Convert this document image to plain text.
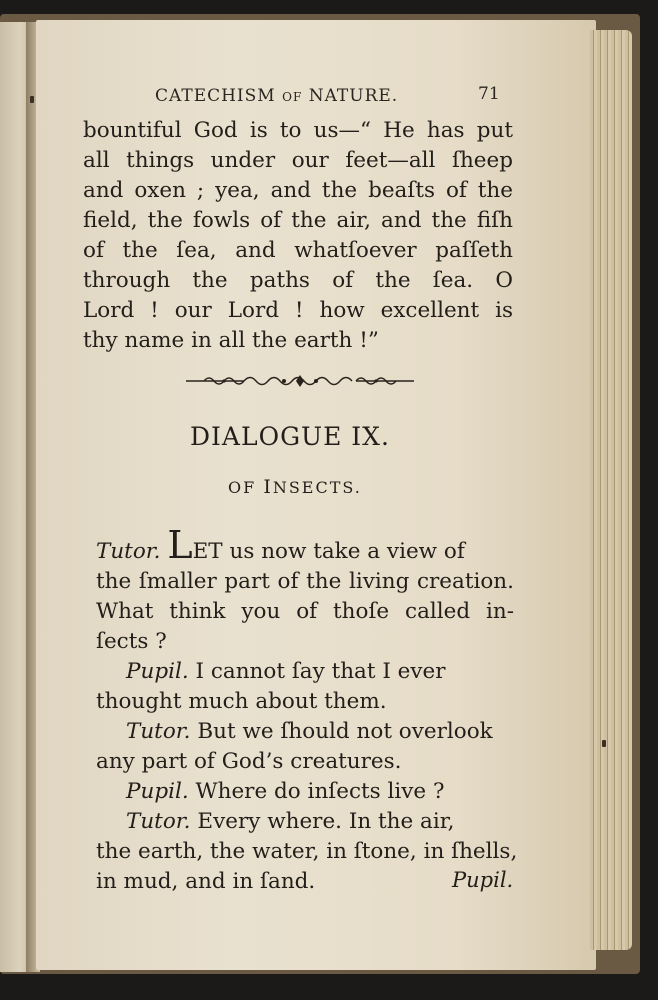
CATECHISM OF NATURE.	71
bountiful God is to us—“ He has put
all things under our feet—all ſheep
and oxen ; yea, and the beaſts of the
field, the fowls of the air, and the fiſh
of the ſea, and whatſoever paſſeth
through the paths of the ſea. O
Lord ! our Lord ! how excellent is
thy name in all the earth !”
DIALOGUE IX.
OF INSECTS.
Tutor. LET us now take a view of
the ſmaller part of the living creation.
What think you of thoſe called in-
ſects ?
Pupil. I cannot ſay that I ever
thought much about them.
Tutor. But we ſhould not overlook
any part of God’s creatures.
Pupil. Where do inſects live ?
Tutor. Every where. In the air,
the earth, the water, in ſtone, in ſhells,
in mud, and in ſand.	Pupil.
